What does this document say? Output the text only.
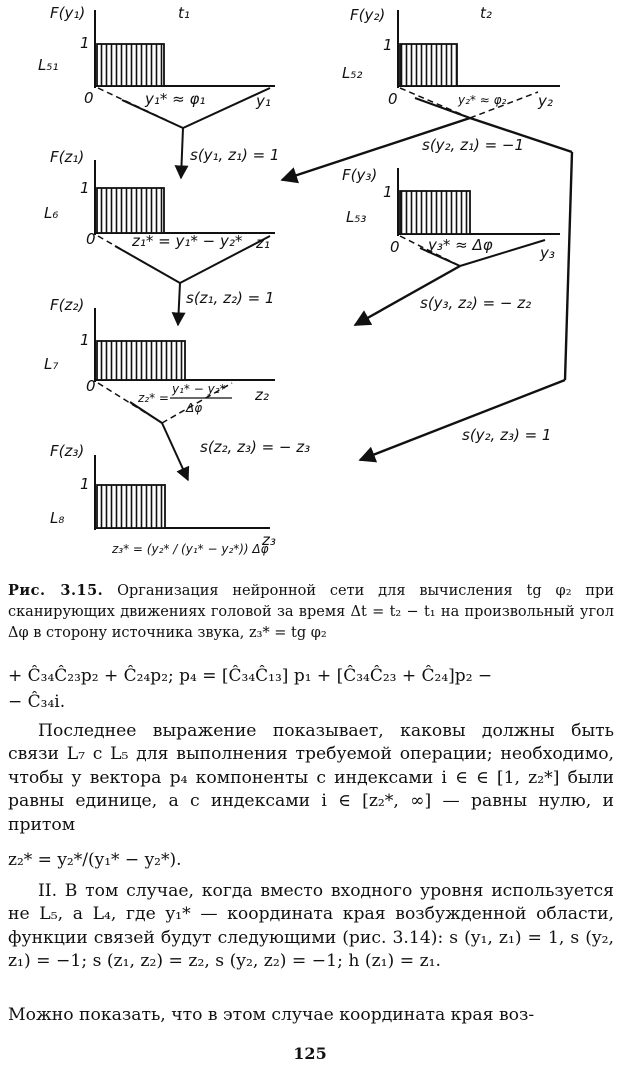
F(y₁)	t₁
1
L₅₁
0	y₁
y₁* ≈ φ₁
s(y₁, z₁) = 1
F(z₁)
1
L₆
0	z₁
z₁* = y₁* − y₂*
s(z₁, z₂) = 1
F(z₂)
1
L₇
0	z₂
z₂* =
y₁* − y₂*
Δφ
s(z₂, z₃) = − z₃
F(z₃)
1
L₈
z₃
z₃* = (y₂* / (y₁* − y₂*)) Δφ
F(y₂)	t₂
1
L₅₂
0	y₂
y₂* ≈ φ₂
s(y₂, z₁) = −1
F(y₃)
1
L₅₃
0	y₃
y₃* ≈ Δφ
s(y₃, z₂) = − z₂
s(y₂, z₃) = 1
Рис. 3.15. Организация нейронной сети для вычисления tg φ₂ при сканирующих движениях головой за время Δt = t₂ − t₁ на произвольный угол Δφ в сторону источника звука, z₃* = tg φ₂
+ Ĉ₃₄Ĉ₂₃p₂ + Ĉ₂₄p₂; p₄ = [Ĉ₃₄Ĉ₁₃] p₁ + [Ĉ₃₄Ĉ₂₃ + Ĉ₂₄]p₂ −
− Ĉ₃₄i.
Последнее выражение показывает, каковы должны быть связи L₇ с L₅ для выполнения требуемой операции; необходимо, чтобы у вектора p₄ компоненты с индексами i ∈ ∈ [1, z₂*] были равны единице, а с индексами i ∈ [z₂*, ∞] — равны нулю, и притом
z₂* = y₂*/(y₁* − y₂*).
II. В том случае, когда вместо входного уровня используется не L₅, а L₄, где y₁* — координата края возбужденной области, функции связей будут следующими (рис. 3.14): s (y₁, z₁) = 1, s (y₂, z₁) = −1; s (z₁, z₂) = z₂, s (y₂, z₂) = −1; h (z₁) = z₁.
Можно показать, что в этом случае координата края воз-
125
